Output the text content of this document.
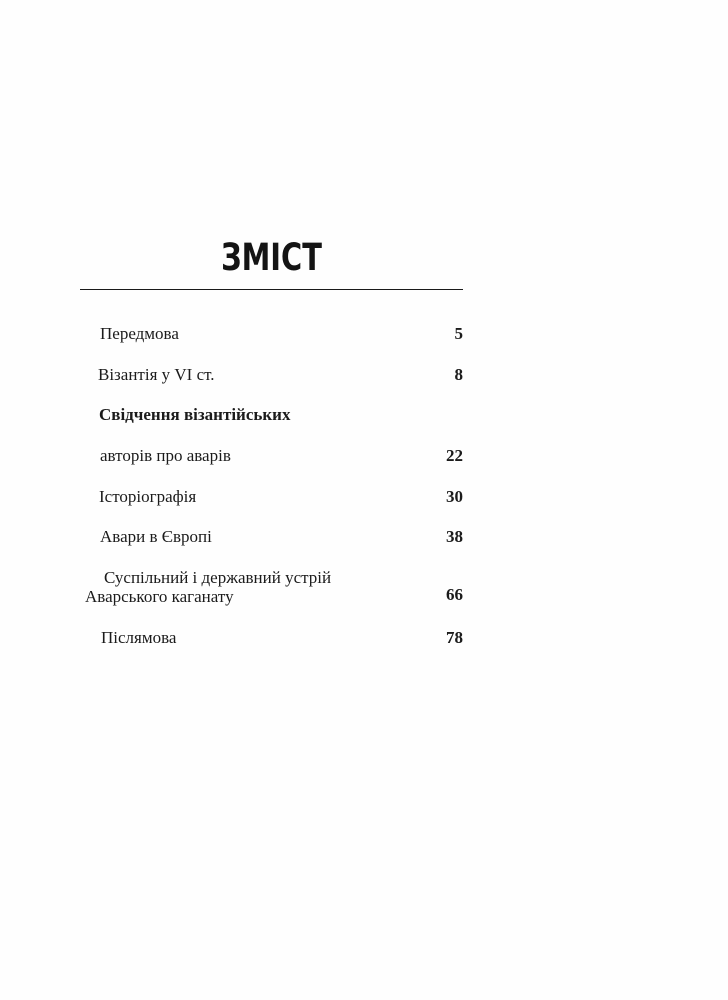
ЗМІСТ
Передмова	5
Візантія у VI ст.	8
Свідчення візантійських
авторів про аварів	22
Історіографія	30
Авари в Європі	38
Суспільний і державний устрій
Аварського каганату	66
Післямова	78
